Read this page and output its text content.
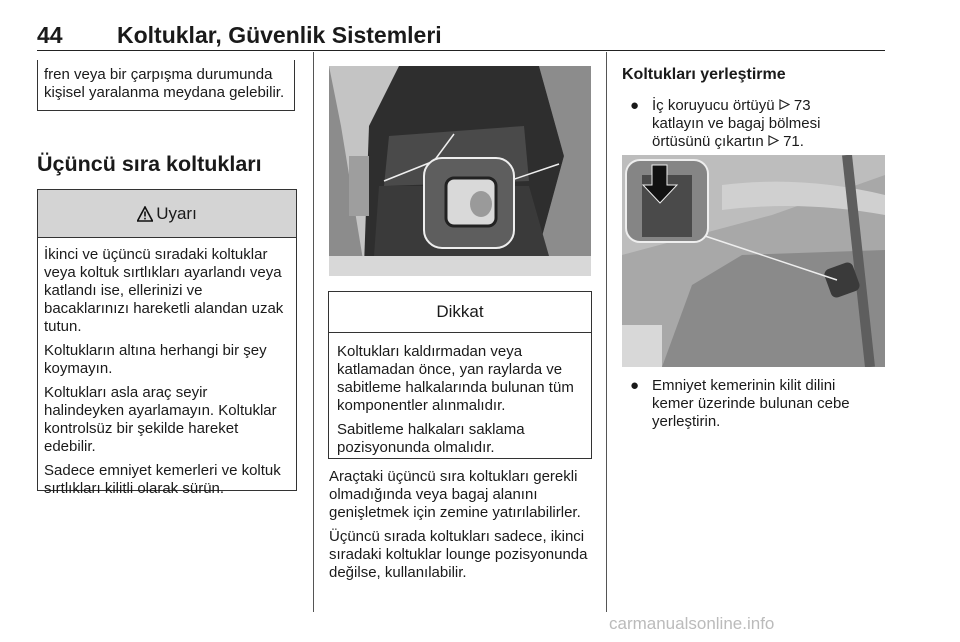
44 Koltuklar, Güvenlik Sistemleri
fren veya bir çarpışma durumunda kişisel yaralanma meydana gelebilir.
Üçüncü sıra koltukları
Uyarı

İkinci ve üçüncü sıradaki koltuklar veya koltuk sırtlıkları ayarlandı veya katlandı ise, ellerinizi ve bacaklarınızı hareketli alandan uzak tutun.

Koltukların altına herhangi bir şey koymayın.

Koltukları asla araç seyir halindeyken ayarlamayın. Koltuklar kontrolsüz bir şekilde hareket edebilir.

Sadece emniyet kemerleri ve koltuk sırtlıkları kilitli olarak sürün.

Dikkat

Koltukları kaldırmadan veya katlamadan önce, yan raylarda ve sabitleme halkalarında bulunan tüm komponentler alınmalıdır.

Sabitleme halkaları saklama pozisyonunda olmalıdır.

Araçtaki üçüncü sıra koltukları gerekli olmadığında veya bagaj alanını genişletmek için zemine yatırılabilirler.

Üçüncü sırada koltukları sadece, ikinci sıradaki koltuklar lounge pozisyonunda değilse, kullanılabilir.

Koltukları yerleştirme
● İç koruyucu örtüyü 73 katlayın ve bagaj bölmesi örtüsünü çıkartın 71.
● Emniyet kemerinin kilit dilini kemer üzerinde bulunan cebe yerleştirin.
carmanualsonline.info
